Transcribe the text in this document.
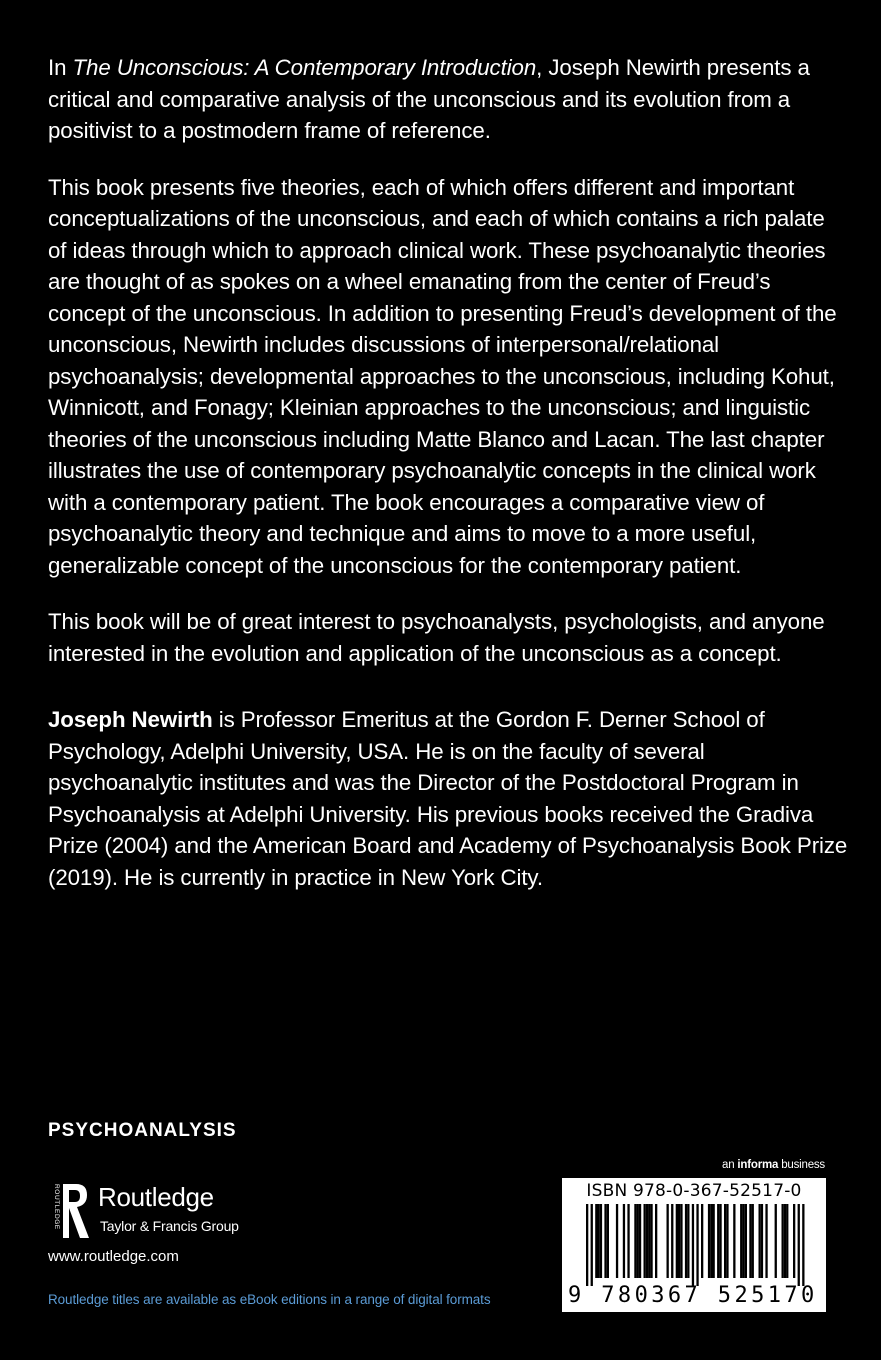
In The Unconscious: A Contemporary Introduction, Joseph Newirth presents a critical and comparative analysis of the unconscious and its evolution from a positivist to a postmodern frame of reference.

This book presents five theories, each of which offers different and important conceptualizations of the unconscious, and each of which contains a rich palate of ideas through which to approach clinical work. These psychoanalytic theories are thought of as spokes on a wheel emanating from the center of Freud’s concept of the unconscious. In addition to presenting Freud’s development of the unconscious, Newirth includes discussions of interpersonal/relational psychoanalysis; developmental approaches to the unconscious, including Kohut, Winnicott, and Fonagy; Kleinian approaches to the unconscious; and linguistic theories of the unconscious including Matte Blanco and Lacan. The last chapter illustrates the use of contemporary psychoanalytic concepts in the clinical work with a contemporary patient. The book encourages a comparative view of psychoanalytic theory and technique and aims to move to a more useful, generalizable concept of the unconscious for the contemporary patient.

This book will be of great interest to psychoanalysts, psychologists, and anyone interested in the evolution and application of the unconscious as a concept.

Joseph Newirth is Professor Emeritus at the Gordon F. Derner School of Psychology, Adelphi University, USA. He is on the faculty of several psychoanalytic institutes and was the Director of the Postdoctoral Program in Psychoanalysis at Adelphi University. His previous books received the Gradiva Prize (2004) and the American Board and Academy of Psychoanalysis Book Prize (2019). He is currently in practice in New York City.

PSYCHOANALYSIS
ROUTLEDGE Routledge
Taylor & Francis Group
www.routledge.com
Routledge titles are available as eBook editions in a range of digital formats
an informa business
ISBN 978-0-367-52517-0
9 780367 525170
